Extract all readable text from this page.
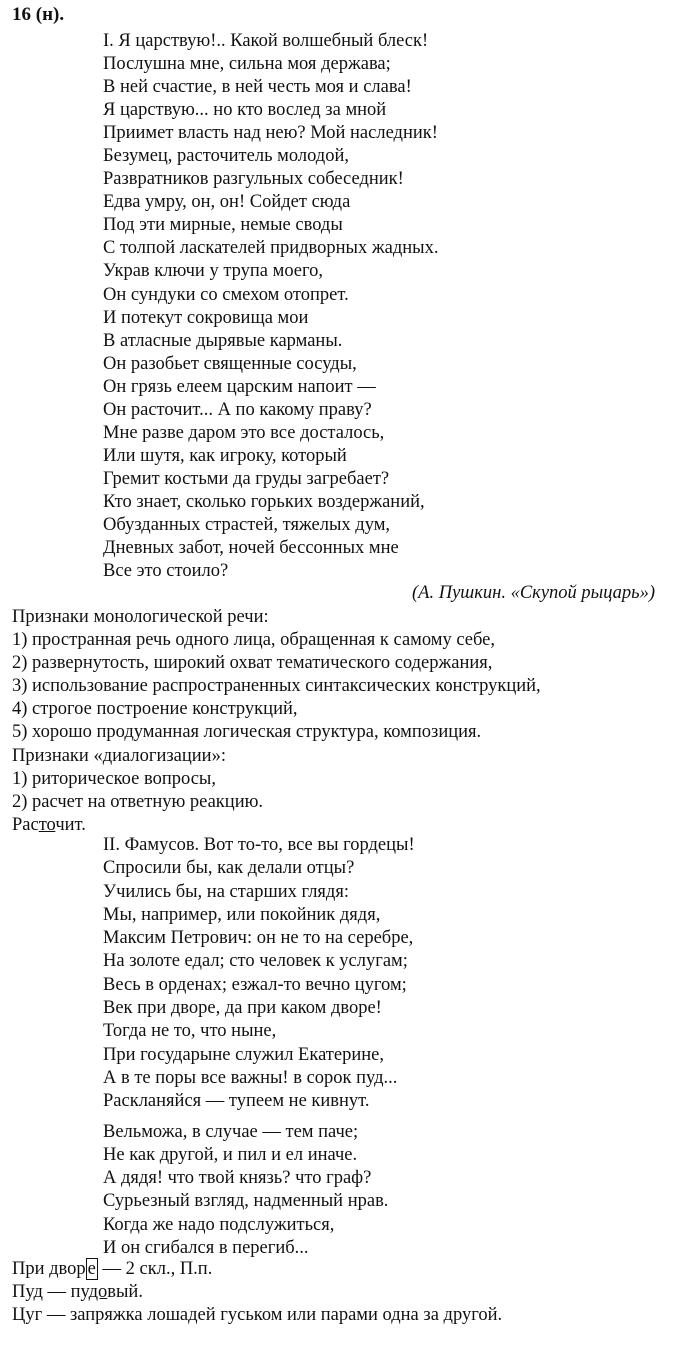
16 (н).
I. Я царствую!.. Какой волшебный блеск!
Послушна мне, сильна моя держава;
В ней счастие, в ней честь моя и слава!
Я царствую... но кто вослед за мной
Приимет власть над нею? Мой наследник!
Безумец, расточитель молодой,
Развратников разгульных собеседник!
Едва умру, он, он! Сойдет сюда
Под эти мирные, немые своды
С толпой ласкателей придворных жадных.
Украв ключи у трупа моего,
Он сундуки со смехом отопрет.
И потекут сокровища мои
В атласные дырявые карманы.
Он разобьет священные сосуды,
Он грязь елеем царским напоит —
Он расточит... А по какому праву?
Мне разве даром это все досталось,
Или шутя, как игроку, который
Гремит костьми да груды загребает?
Кто знает, сколько горьких воздержаний,
Обузданных страстей, тяжелых дум,
Дневных забот, ночей бессонных мне
Все это стоило?
(А. Пушкин. «Скупой рыцарь»)
Признаки монологической речи:
1) пространная речь одного лица, обращенная к самому себе,
2) развернутость, широкий охват тематического содержания,
3) использование распространенных синтаксических конструкций,
4) строгое построение конструкций,
5) хорошо продуманная логическая структура, композиция.
Признаки «диалогизации»:
1) риторическое вопросы,
2) расчет на ответную реакцию.
Расточит.
II. Фамусов. Вот то-то, все вы гордецы!
Спросили бы, как делали отцы?
Учились бы, на старших глядя:
Мы, например, или покойник дядя,
Максим Петрович: он не то на серебре,
На золоте едал; сто человек к услугам;
Весь в орденах; езжал-то вечно цугом;
Век при дворе, да при каком дворе!
Тогда не то, что ныне,
При государыне служил Екатерине,
А в те поры все важны! в сорок пуд...
Раскланяйся — тупеем не кивнут.
Вельможа, в случае — тем паче;
Не как другой, и пил и ел иначе.
А дядя! что твой князь? что граф?
Сурьезный взгляд, надменный нрав.
Когда же надо подслужиться,
И он сгибался в перегиб...
При двор е — 2 скл., П.п.
Пуд — пудовый.
Цуг — запряжка лошадей гуськом или парами одна за другой.
